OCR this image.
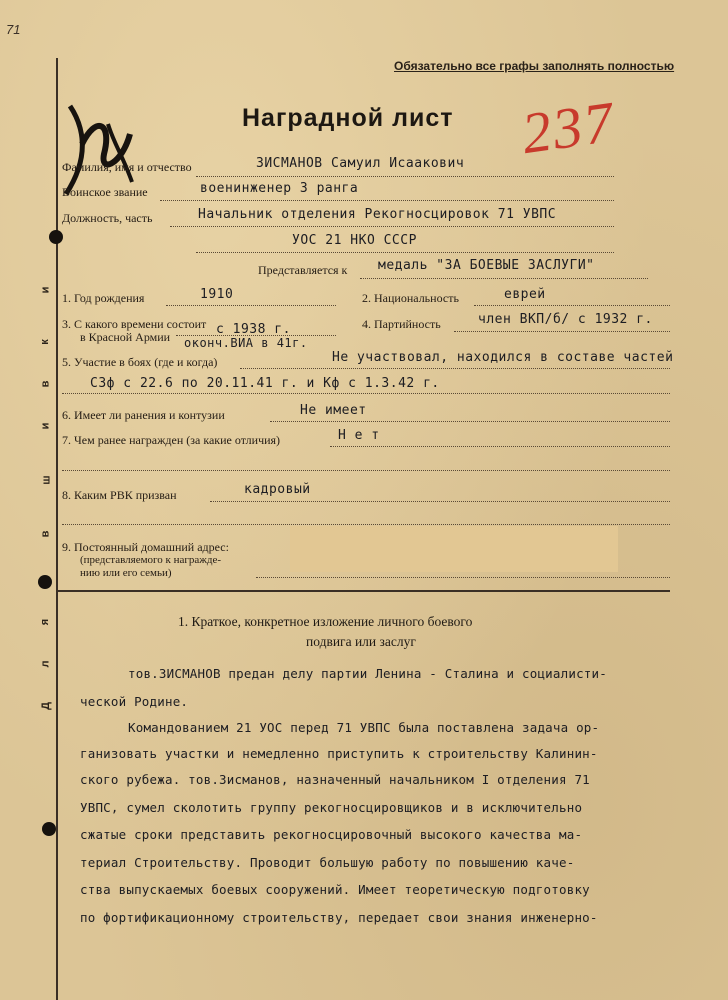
71
Д
л
я
в
ш
и
в
к
и
Обязательно все графы заполнять полностью
Наградной лист 237
Фамилия, имя и отчество	ЗИСМАНОВ Самуил Исаакович
Воинское звание	военинженер 3 ранга
Должность, часть	Начальник отделения Рекогносцировок 71 УВПС
УОС 21 НКО СССР
Представляется к медаль "ЗА БОЕВЫЕ ЗАСЛУГИ"
1. Год рождения	1910	2. Национальность	еврей
3. С какого времени состоит
в Красной Армии	с 1938 г.
оконч.ВИА в 41г.
4. Партийность	член ВКП/б/ с 1932 г.
5. Участие в боях (где и когда)	Не участвовал, находился в составе частей
СЗф с 22.6 по 20.11.41 г. и Кф с 1.3.42 г.
6. Имеет ли ранения и контузии	Не имеет
7. Чем ранее награжден (за какие отличия)	Н е т
8. Каким РВК призван	кадровый
9. Постоянный домашний адрес:
(представляемого к награжде-
нию или его семьи)
1. Краткое, конкретное изложение личного боевого
подвига или заслуг
тов.ЗИСМАНОВ предан делу партии Ленина - Сталина и социалисти-
ческой Родине.
Командованием 21 УОС перед 71 УВПС была поставлена задача ор-
ганизовать участки и немедленно приступить к строительству Калинин-
ского рубежа. тов.Зисманов, назначенный начальником I отделения 71
УВПС, сумел сколотить группу рекогносцировщиков и в исключительно
сжатые сроки представить рекогносцировочный высокого качества ма-
териал Строительству. Проводит большую работу по повышению каче-
ства выпускаемых боевых сооружений. Имеет теоретическую подготовку
по фортификационному строительству, передает свои знания инженерно-
